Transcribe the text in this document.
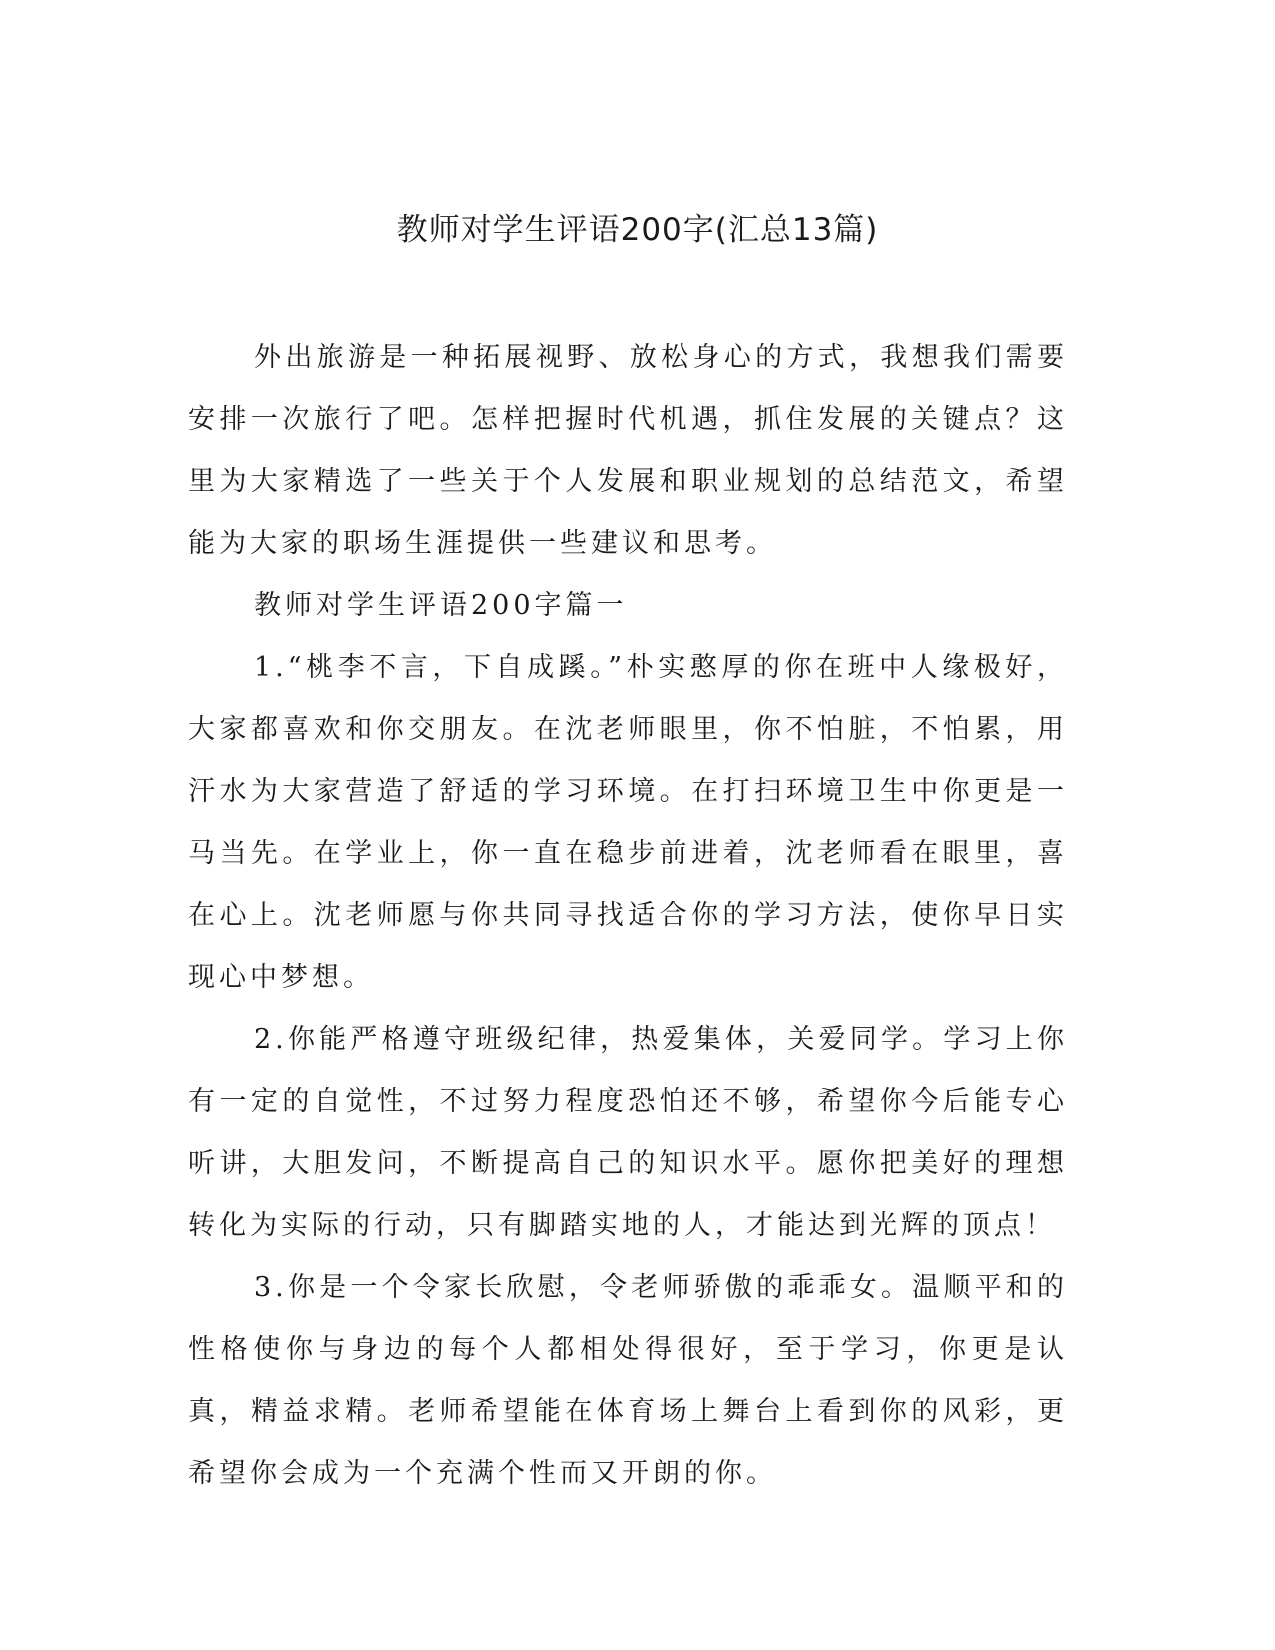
教师对学生评语200字(汇总13篇)

外出旅游是一种拓展视野、放松身心的方式，我想我们需要安排一次旅行了吧。怎样把握时代机遇，抓住发展的关键点？这里为大家精选了一些关于个人发展和职业规划的总结范文，希望能为大家的职场生涯提供一些建议和思考。

教师对学生评语200字篇一

1.“桃李不言，下自成蹊。”朴实憨厚的你在班中人缘极好，大家都喜欢和你交朋友。在沈老师眼里，你不怕脏，不怕累，用汗水为大家营造了舒适的学习环境。在打扫环境卫生中你更是一马当先。在学业上，你一直在稳步前进着，沈老师看在眼里，喜在心上。沈老师愿与你共同寻找适合你的学习方法，使你早日实现心中梦想。

2.你能严格遵守班级纪律，热爱集体，关爱同学。学习上你有一定的自觉性，不过努力程度恐怕还不够，希望你今后能专心听讲，大胆发问，不断提高自己的知识水平。愿你把美好的理想转化为实际的行动，只有脚踏实地的人，才能达到光辉的顶点！

3.你是一个令家长欣慰，令老师骄傲的乖乖女。温顺平和的性格使你与身边的每个人都相处得很好，至于学习，你更是认真，精益求精。老师希望能在体育场上舞台上看到你的风彩，更希望你会成为一个充满个性而又开朗的你。
